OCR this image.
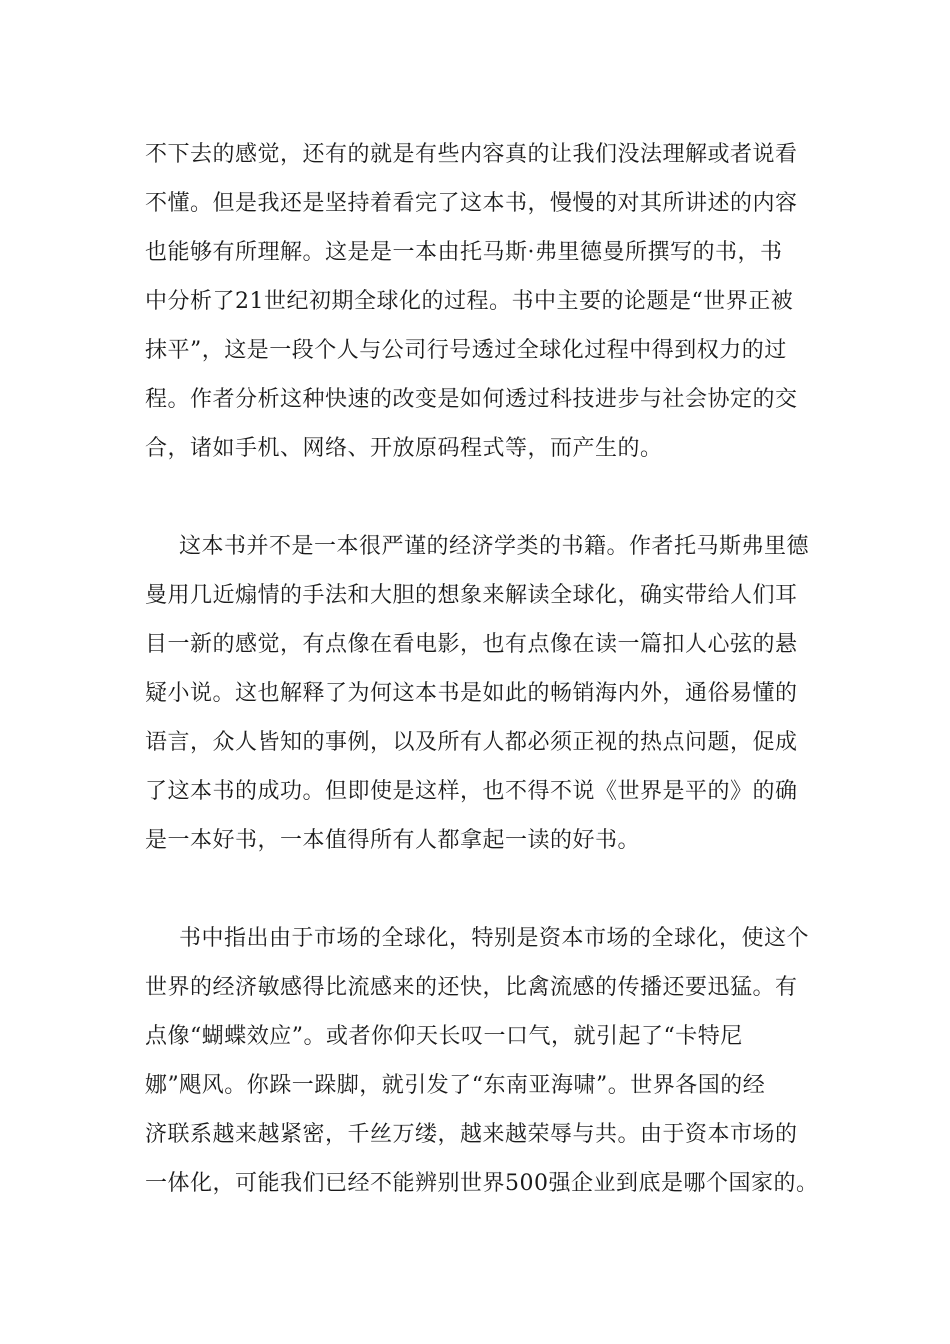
不下去的感觉，还有的就是有些内容真的让我们没法理解或者说看
不懂。但是我还是坚持着看完了这本书，慢慢的对其所讲述的内容
也能够有所理解。这是是一本由托马斯·弗里德曼所撰写的书，书
中分析了21世纪初期全球化的过程。书中主要的论题是“世界正被
抹平”，这是一段个人与公司行号透过全球化过程中得到权力的过
程。作者分析这种快速的改变是如何透过科技进步与社会协定的交
合，诸如手机、网络、开放原码程式等，而产生的。
这本书并不是一本很严谨的经济学类的书籍。作者托马斯弗里德
曼用几近煽情的手法和大胆的想象来解读全球化，确实带给人们耳
目一新的感觉，有点像在看电影，也有点像在读一篇扣人心弦的悬
疑小说。这也解释了为何这本书是如此的畅销海内外，通俗易懂的
语言，众人皆知的事例，以及所有人都必须正视的热点问题，促成
了这本书的成功。但即使是这样，也不得不说《世界是平的》的确
是一本好书，一本值得所有人都拿起一读的好书。
书中指出由于市场的全球化，特别是资本市场的全球化，使这个
世界的经济敏感得比流感来的还快，比禽流感的传播还要迅猛。有
点像“蝴蝶效应”。或者你仰天长叹一口气，就引起了“卡特尼
娜”飓风。你跺一跺脚，就引发了“东南亚海啸”。世界各国的经
济联系越来越紧密，千丝万缕，越来越荣辱与共。由于资本市场的
一体化，可能我们已经不能辨别世界500强企业到底是哪个国家的。
